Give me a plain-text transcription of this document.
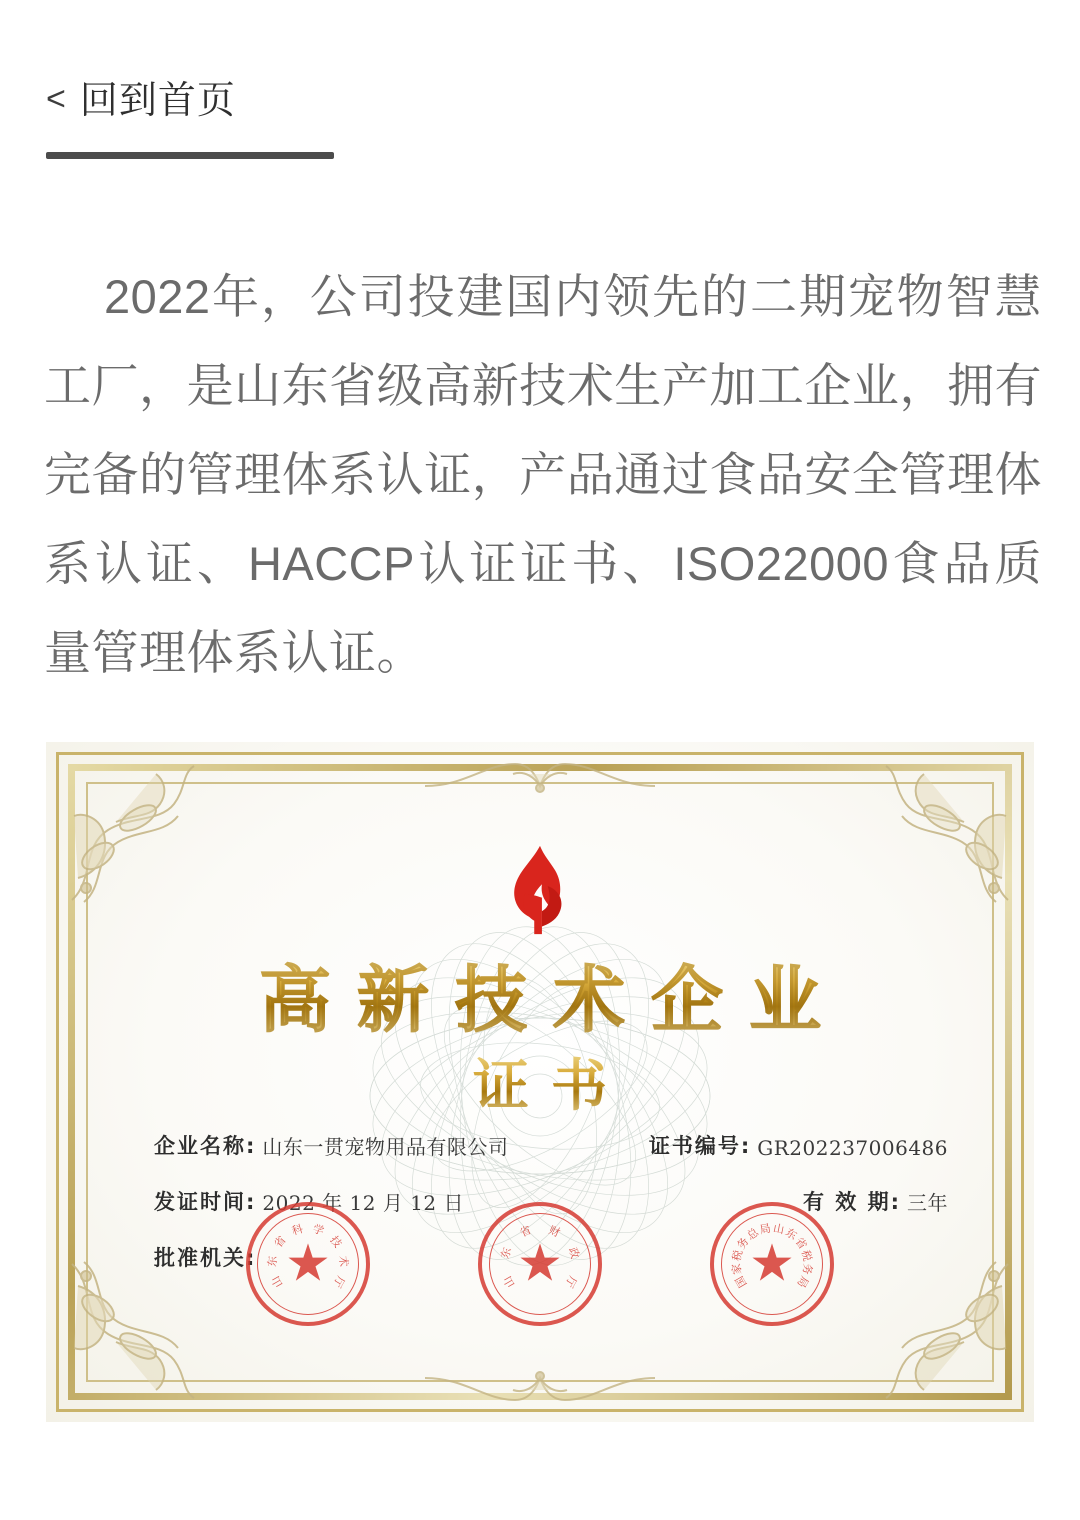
< 回到首页

2022年，公司投建国内领先的二期宠物智慧工厂，是山东省级高新技术生产加工企业，拥有完备的管理体系认证，产品通过食品安全管理体系认证、HACCP认证证书、ISO22000食品质量管理体系认证。

高新技术企业
证书
企业名称: 山东一贯宠物用品有限公司	证书编号: GR202237006486
发证时间: 2022 年 12 月 12 日	有 效 期: 三年
批准机关: ★
山
东
省
科 学
技
术
厅	★
山
东
省 财
政
厅	★
国
家
税
务
总
局 山
东
省
税
务
局
